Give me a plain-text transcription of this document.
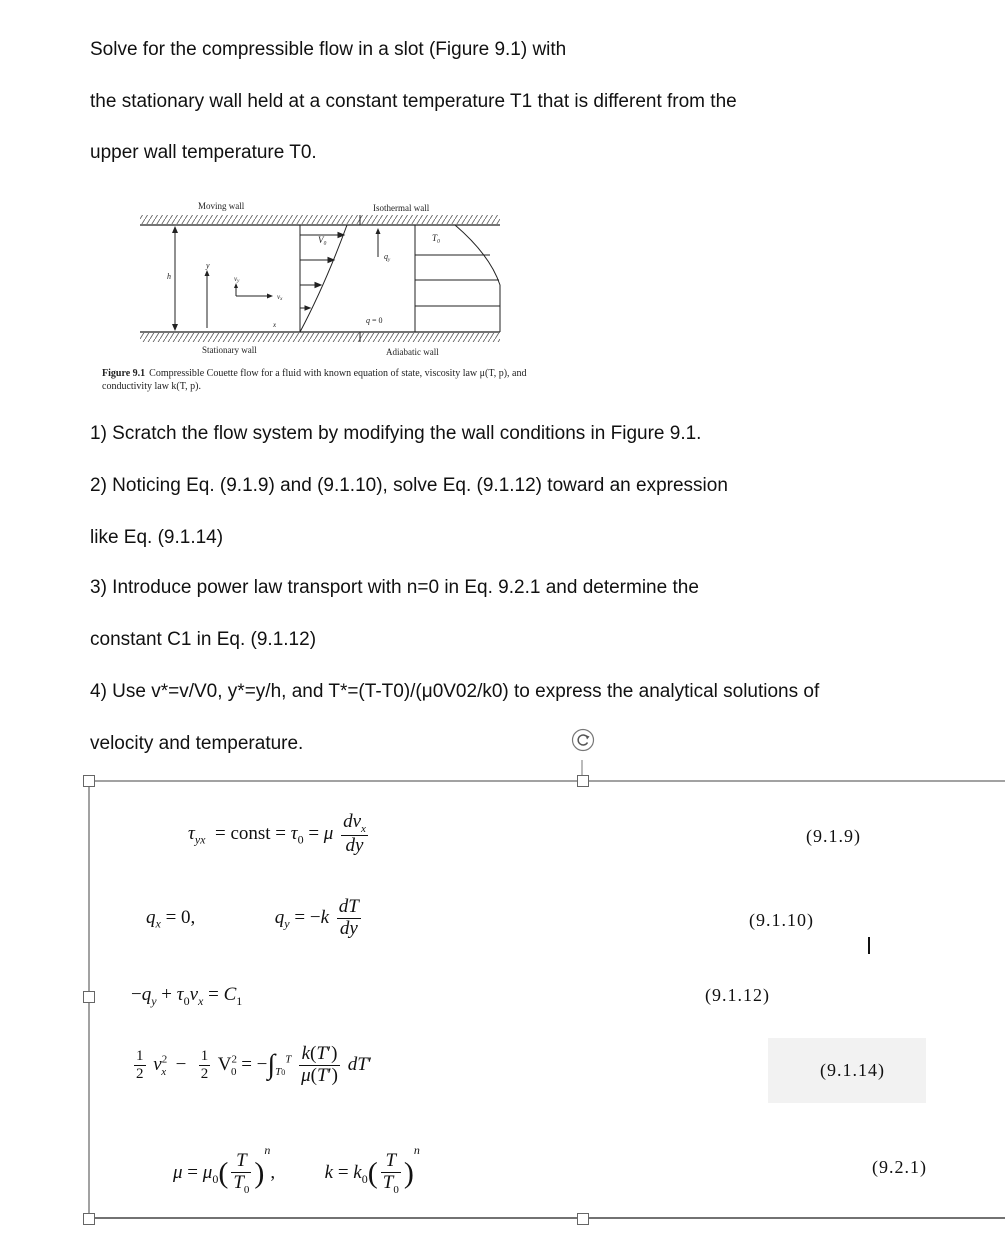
Solve for the compressible flow in a slot (Figure 9.1) with
the stationary wall held at a constant temperature T1 that is different from the
upper wall temperature T0.
Moving wall	Isothermal wall
Stationary wall	Adiabatic wall
h
y
vy
vx
x
V₀
$q_y$
q = 0
T₀
Figure 9.1 Compressible Couette flow for a fluid with known equation of state, viscosity law μ(T, p), and conductivity law k(T, p).
1) Scratch the flow system by modifying the wall conditions in Figure 9.1.
2) Noticing Eq. (9.1.9) and (9.1.10), solve Eq. (9.1.12) toward an expression
like Eq. (9.1.14)
3) Introduce power law transport with n=0 in Eq. 9.2.1 and determine the
constant C1 in Eq. (9.1.12)
4) Use v*=v/V0, y*=y/h, and T*=(T-T0)/(μ0V02/k0) to express the analytical solutions of
velocity and temperature.
$\tau_{yx}$  = const = $\tau_0 = \mu \frac{dv_x}{dy}$	(9.1.9)
$q_x = 0$,	$q_y = -k \frac{dT}{dy}$	(9.1.10)
$-q_y + \tau_0v_x = C_1$	(9.1.12)
$\frac{1}{2} v^2_x - \frac{1}{2} V^2_0 = -\int_{T0}^T \frac{k(T')}{\mu(T')} dT'$	(9.1.14)
$\mu = \mu_0( \frac{T}{T_0} )^n$,  $k = k_0( \frac{T}{T_0} )^n$
(9.2.1)
